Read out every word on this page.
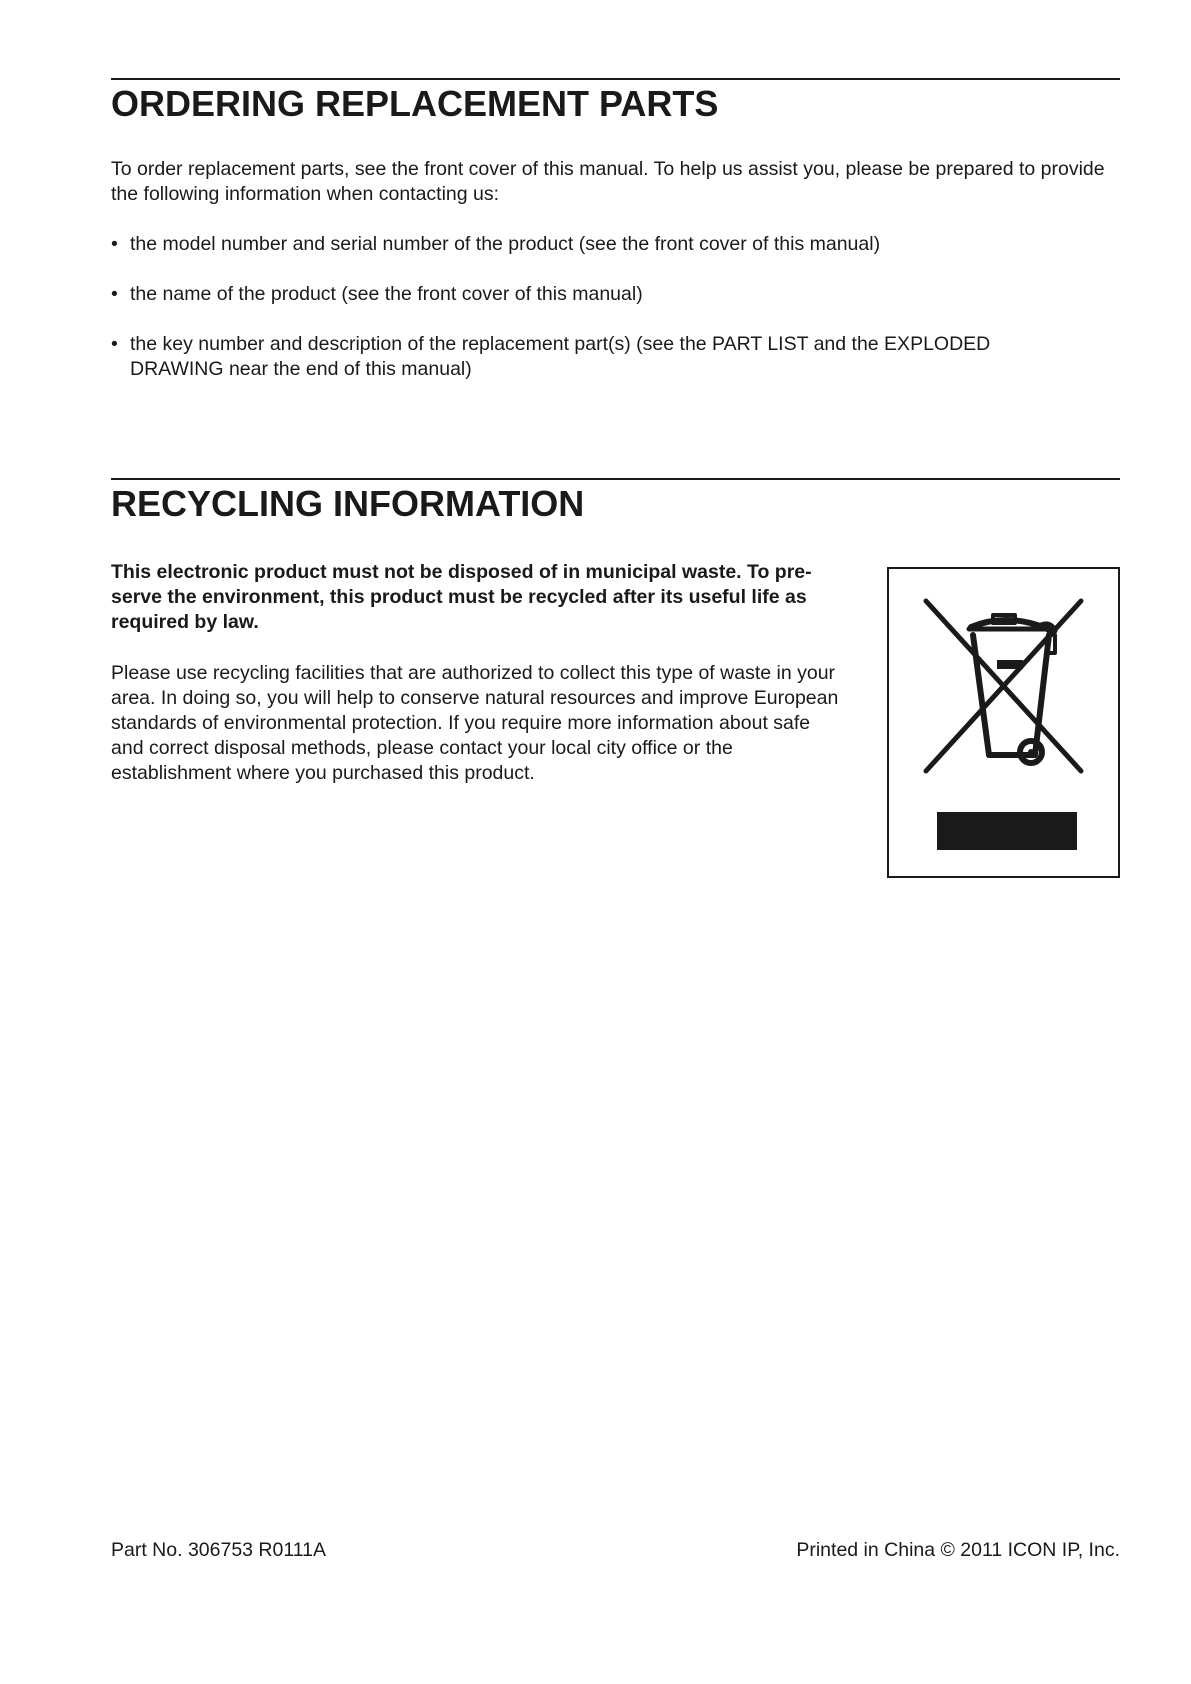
ORDERING REPLACEMENT PARTS

To order replacement parts, see the front cover of this manual. To help us assist you, please be prepared to provide the following information when contacting us:

• the model number and serial number of the product (see the front cover of this manual)
• the name of the product (see the front cover of this manual)
• the key number and description of the replacement part(s) (see the PART LIST and the EXPLODED DRAWING near the end of this manual)
RECYCLING INFORMATION

This electronic product must not be disposed of in municipal waste. To pre-serve the environment, this product must be recycled after its useful life as required by law.

Please use recycling facilities that are authorized to collect this type of waste in your area. In doing so, you will help to conserve natural resources and improve European standards of environmental protection. If you require more information about safe and correct disposal methods, please contact your local city office or the establishment where you purchased this product.

Part No. 306753 R0111A	Printed in China © 2011 ICON IP, Inc.
